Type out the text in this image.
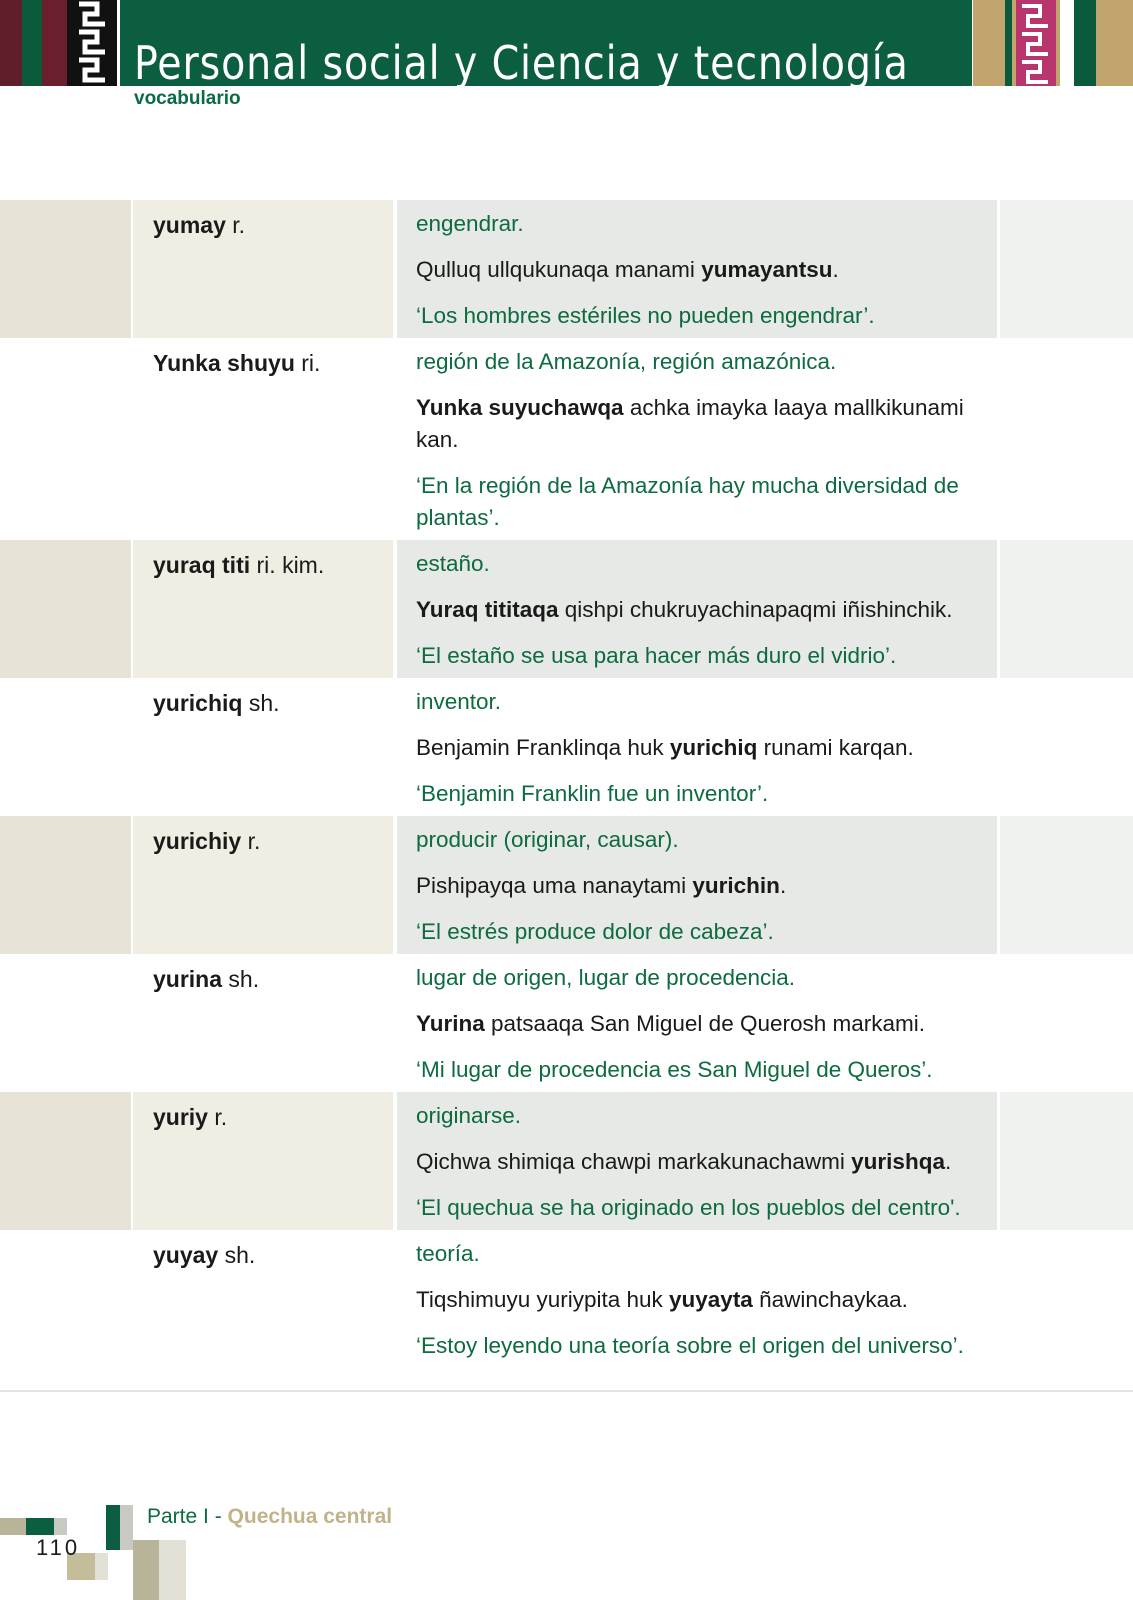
Personal social y Ciencia y tecnología
vocabulario
yumay r.	engendrar.

Qulluq ullqukunaqa manami yumayantsu.

‘Los hombres estériles no pueden engendrar’.

Yunka shuyu ri.	región de la Amazonía, región amazónica.

Yunka suyuchawqa achka imayka laaya mallkikunami kan.

‘En la región de la Amazonía hay mucha diversidad de plantas’.

yuraq titi ri. kim.	estaño.

Yuraq tititaqa qishpi chukruyachinapaqmi iñishinchik.

‘El estaño se usa para hacer más duro el vidrio’.

yurichiq sh.	inventor.

Benjamin Franklinqa huk yurichiq runami karqan.

‘Benjamin Franklin fue un inventor’.

yurichiy r.	producir (originar, causar).

Pishipayqa uma nanaytami yurichin.

‘El estrés produce dolor de cabeza’.

yurina sh.	lugar de origen, lugar de procedencia.

Yurina patsaaqa San Miguel de Querosh markami.

‘Mi lugar de procedencia es San Miguel de Queros’.

yuriy r.	originarse.

Qichwa shimiqa chawpi markakunachawmi yurishqa.

‘El quechua se ha originado en los pueblos del centro'.

yuyay sh.	teoría.

Tiqshimuyu yuriypita huk yuyayta ñawinchaykaa.

‘Estoy leyendo una teoría sobre el origen del universo’.

Parte I - Quechua central
110
